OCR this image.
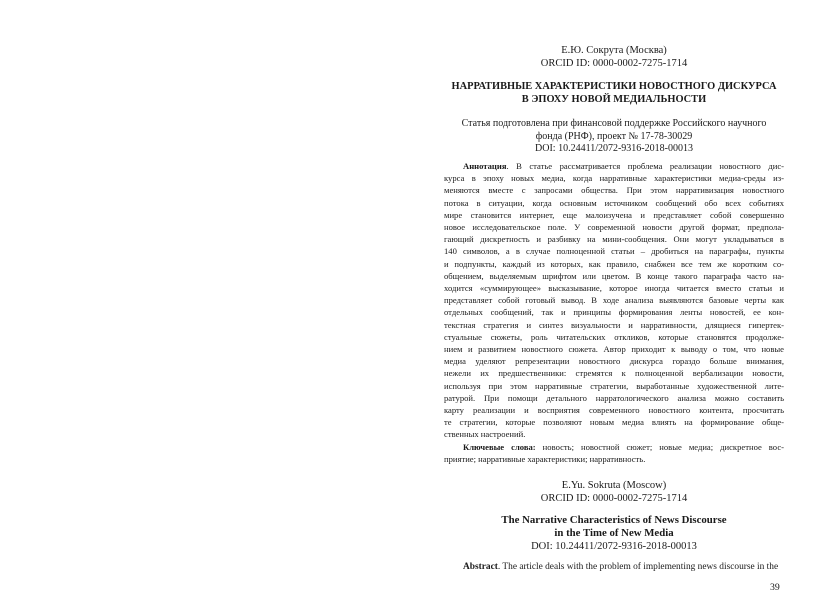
Е.Ю. Сокрута (Москва)
ORCID ID: 0000-0002-7275-1714
НАРРАТИВНЫЕ ХАРАКТЕРИСТИКИ НОВОСТНОГО ДИСКУРСА
В ЭПОХУ НОВОЙ МЕДИАЛЬНОСТИ
Статья подготовлена при финансовой поддержке Российского научного
фонда (РНФ), проект № 17-78-30029
DOI: 10.24411/2072-9316-2018-00013
Аннотация. В статье рассматривается проблема реализации новостного дис-
курса в эпоху новых медиа, когда нарративные характеристики медиа-среды из-
меняются вместе с запросами общества. При этом нарративизация новостного
потока в ситуации, когда основным источником сообщений обо всех событиях
мире становится интернет, еще малоизучена и представляет собой совершенно
новое исследовательское поле. У современной новости другой формат, предпола-
гающий дискретность и разбивку на мини-сообщения. Они могут укладываться в
140 символов, а в случае полноценной статьи – дробиться на параграфы, пункты
и подпункты, каждый из которых, как правило, снабжен все тем же коротким со-
общением, выделяемым шрифтом или цветом. В конце такого параграфа часто на-
ходится «суммирующее» высказывание, которое иногда читается вместо статьи и
представляет собой готовый вывод. В ходе анализа выявляются базовые черты как
отдельных сообщений, так и принципы формирования ленты новостей, ее кон-
текстная стратегия и синтез визуальности и нарративности, длящиеся гипертек-
стуальные сюжеты, роль читательских откликов, которые становятся продолже-
нием и развитием новостного сюжета. Автор приходит к выводу о том, что новые
медиа уделяют репрезентации новостного дискурса гораздо больше внимания,
нежели их предшественники: стремятся к полноценной вербализации новости,
используя при этом нарративные стратегии, выработанные художественной лите-
ратурой. При помощи детального нарратологического анализа можно составить
карту реализации и восприятия современного новостного контента, просчитать
те стратегии, которые позволяют новым медиа влиять на формирование обще-
ственных настроений.
Ключевые слова: новость; новостной сюжет; новые медиа; дискретное вос-
приятие; нарративные характеристики; нарративность.
E.Yu. Sokruta (Moscow)
ORCID ID: 0000-0002-7275-1714
The Narrative Characteristics of News Discourse
in the Time of New Media
DOI: 10.24411/2072-9316-2018-00013
Abstract. The article deals with the problem of implementing news discourse in the
39
